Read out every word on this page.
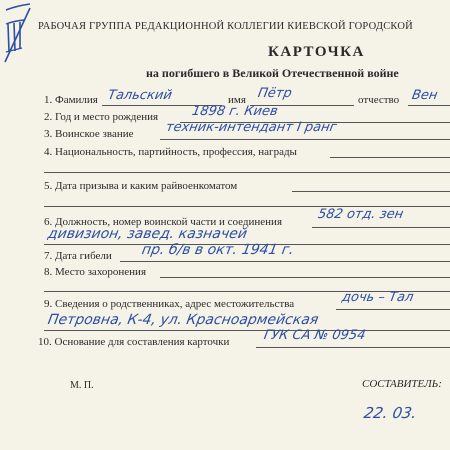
РАБОЧАЯ ГРУППА РЕДАКЦИОННОЙ КОЛЛЕГИИ КИЕВСКОЙ ГОРОДСКОЙ
КАРТОЧКА
на погибшего в Великой Отечественной войне
1. Фамилия Тальский	имя Пётр	отчество Вен
2. Год и место рождения	1898 г. Киев
3. Воинское звание техник-интендант I ранг
4. Национальность, партийность, профессия, награды
5. Дата призыва и каким райвоенкоматом
6. Должность, номер воинской части и соединения	582 отд. зен
дивизион, завед. казначей
7. Дата гибели пр. б/в в окт. 1941 г.
8. Место захоронения
9. Сведения о родственниках, адрес местожительства	дочь – Тал
Петровна, К-4, ул. Красноармейская
10. Основание для составления карточки	ГУК СА № 0954
М. П.	СОСТАВИТЕЛЬ:
22. 03.
